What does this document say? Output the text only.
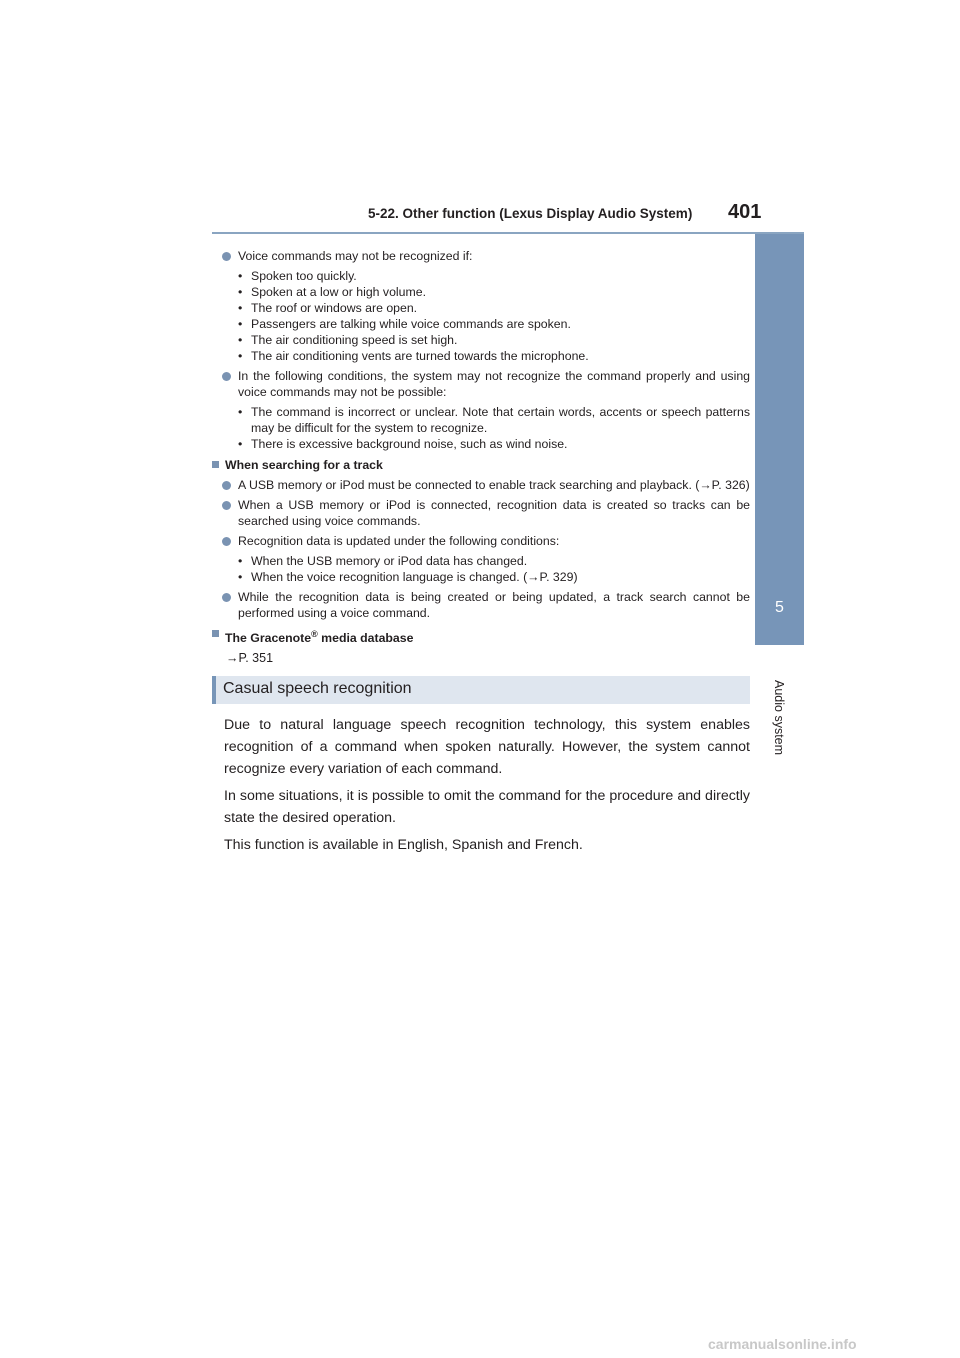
5-22. Other function (Lexus Display Audio System) 401
5
Audio system
Voice commands may not be recognized if:
• Spoken too quickly.
• Spoken at a low or high volume.
• The roof or windows are open.
• Passengers are talking while voice commands are spoken.
• The air conditioning speed is set high.
• The air conditioning vents are turned towards the microphone.
In the following conditions, the system may not recognize the command properly and using voice commands may not be possible:
• The command is incorrect or unclear. Note that certain words, accents or speech patterns may be difficult for the system to recognize.
• There is excessive background noise, such as wind noise.
When searching for a track
A USB memory or iPod must be connected to enable track searching and playback. (→P. 326)
When a USB memory or iPod is connected, recognition data is created so tracks can be searched using voice commands.
Recognition data is updated under the following conditions:
• When the USB memory or iPod data has changed.
• When the voice recognition language is changed. (→P. 329)
While the recognition data is being created or being updated, a track search cannot be performed using a voice command.
The Gracenote® media database
→P. 351
Casual speech recognition
Due to natural language speech recognition technology, this system enables recognition of a command when spoken naturally. However, the system cannot recognize every variation of each command.
In some situations, it is possible to omit the command for the procedure and directly state the desired operation.
This function is available in English, Spanish and French.
carmanualsonline.info
